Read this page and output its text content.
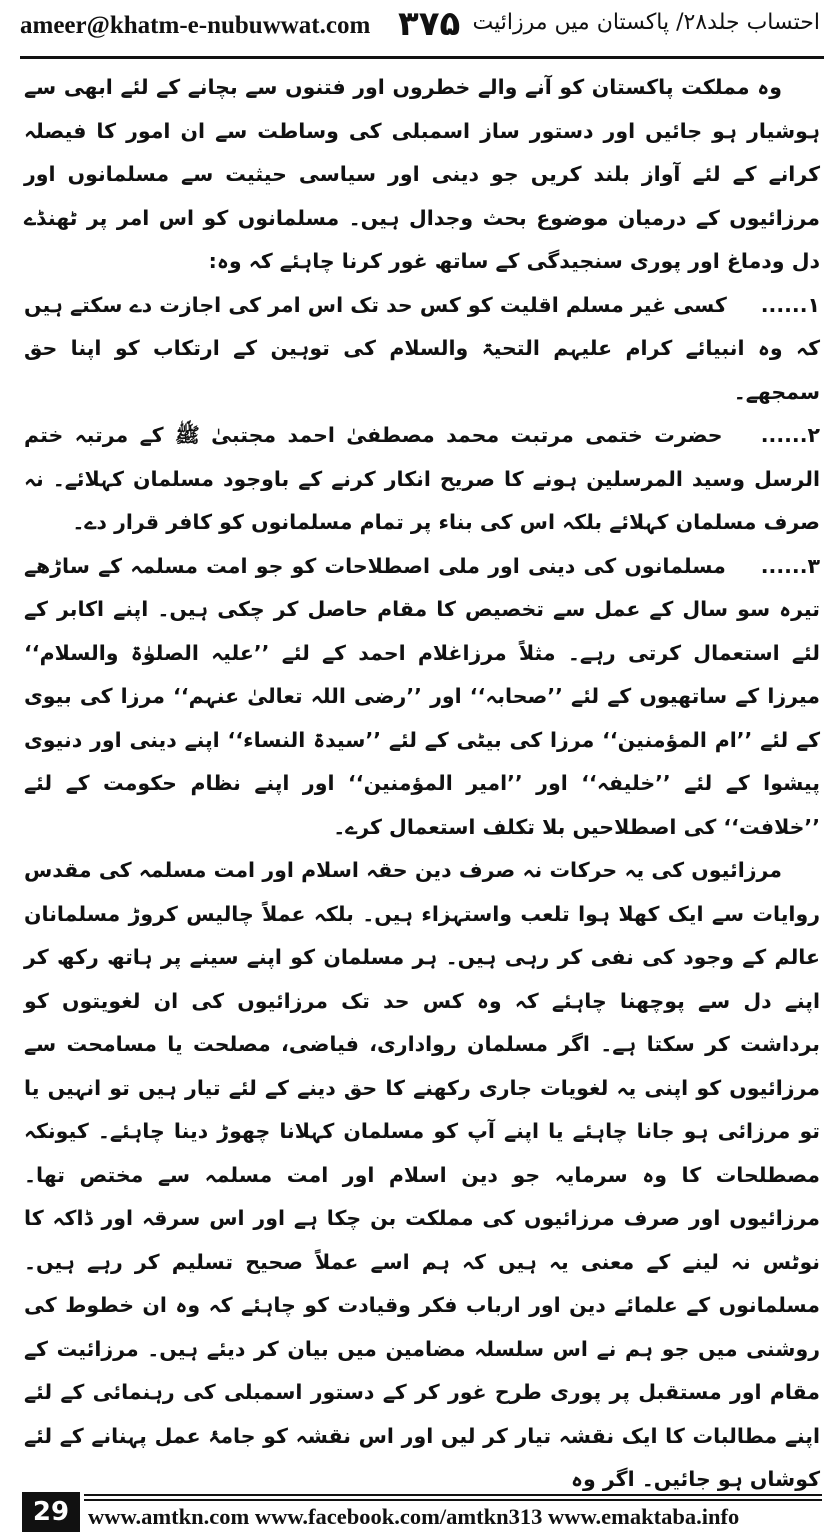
ameer@khatm-e-nubuwwat.com ۳۷۵ احتساب جلد۲۸/ پاکستان میں مرزائیت

وہ مملکت پاکستان کو آنے والے خطروں اور فتنوں سے بچانے کے لئے ابھی سے ہوشیار ہو جائیں اور دستور ساز اسمبلی کی وساطت سے ان امور کا فیصلہ کرانے کے لئے آواز بلند کریں جو دینی اور سیاسی حیثیت سے مسلمانوں اور مرزائیوں کے درمیان موضوع بحث وجدال ہیں۔ مسلمانوں کو اس امر پر ٹھنڈے دل ودماغ اور پوری سنجیدگی کے ساتھ غور کرنا چاہئے کہ وہ:

۱...... کسی غیر مسلم اقلیت کو کس حد تک اس امر کی اجازت دے سکتے ہیں کہ وہ انبیائے کرام علیہم التحیۃ والسلام کی توہین کے ارتکاب کو اپنا حق سمجھے۔

۲...... حضرت ختمی مرتبت محمد مصطفیٰ احمد مجتبیٰ ﷺ کے مرتبہ ختم الرسل وسید المرسلین ہونے کا صریح انکار کرنے کے باوجود مسلمان کہلائے۔ نہ صرف مسلمان کہلائے بلکہ اس کی بناء پر تمام مسلمانوں کو کافر قرار دے۔

۳...... مسلمانوں کی دینی اور ملی اصطلاحات کو جو امت مسلمہ کے ساڑھے تیرہ سو سال کے عمل سے تخصیص کا مقام حاصل کر چکی ہیں۔ اپنے اکابر کے لئے استعمال کرتی رہے۔ مثلاً مرزاغلام احمد کے لئے ’’علیہ الصلوٰۃ والسلام‘‘ میرزا کے ساتھیوں کے لئے ’’صحابہ‘‘ اور ’’رضی اللہ تعالیٰ عنہم‘‘ مرزا کی بیوی کے لئے ’’ام المؤمنین‘‘ مرزا کی بیٹی کے لئے ’’سیدۃ النساء‘‘ اپنے دینی اور دنیوی پیشوا کے لئے ’’خلیفہ‘‘ اور ’’امیر المؤمنین‘‘ اور اپنے نظام حکومت کے لئے ’’خلافت‘‘ کی اصطلاحیں بلا تکلف استعمال کرے۔

مرزائیوں کی یہ حرکات نہ صرف دین حقہ اسلام اور امت مسلمہ کی مقدس روایات سے ایک کھلا ہوا تلعب واستہزاء ہیں۔ بلکہ عملاً چالیس کروڑ مسلمانان عالم کے وجود کی نفی کر رہی ہیں۔ ہر مسلمان کو اپنے سینے پر ہاتھ رکھ کر اپنے دل سے پوچھنا چاہئے کہ وہ کس حد تک مرزائیوں کی ان لغویتوں کو برداشت کر سکتا ہے۔ اگر مسلمان رواداری، فیاضی، مصلحت یا مسامحت سے مرزائیوں کو اپنی یہ لغویات جاری رکھنے کا حق دینے کے لئے تیار ہیں تو انہیں یا تو مرزائی ہو جانا چاہئے یا اپنے آپ کو مسلمان کہلانا چھوڑ دینا چاہئے۔ کیونکہ مصطلحات کا وہ سرمایہ جو دین اسلام اور امت مسلمہ سے مختص تھا۔ مرزائیوں اور صرف مرزائیوں کی مملکت بن چکا ہے اور اس سرقہ اور ڈاکہ کا نوٹس نہ لینے کے معنی یہ ہیں کہ ہم اسے عملاً صحیح تسلیم کر رہے ہیں۔ مسلمانوں کے علمائے دین اور ارباب فکر وقیادت کو چاہئے کہ وہ ان خطوط کی روشنی میں جو ہم نے اس سلسلہ مضامین میں بیان کر دیئے ہیں۔ مرزائیت کے مقام اور مستقبل پر پوری طرح غور کر کے دستور اسمبلی کی رہنمائی کے لئے اپنے مطالبات کا ایک نقشہ تیار کر لیں اور اس نقشہ کو جامۂ عمل پہنانے کے لئے کوشاں ہو جائیں۔ اگر وہ

29 www.amtkn.com www.facebook.com/amtkn313 www.emaktaba.info
